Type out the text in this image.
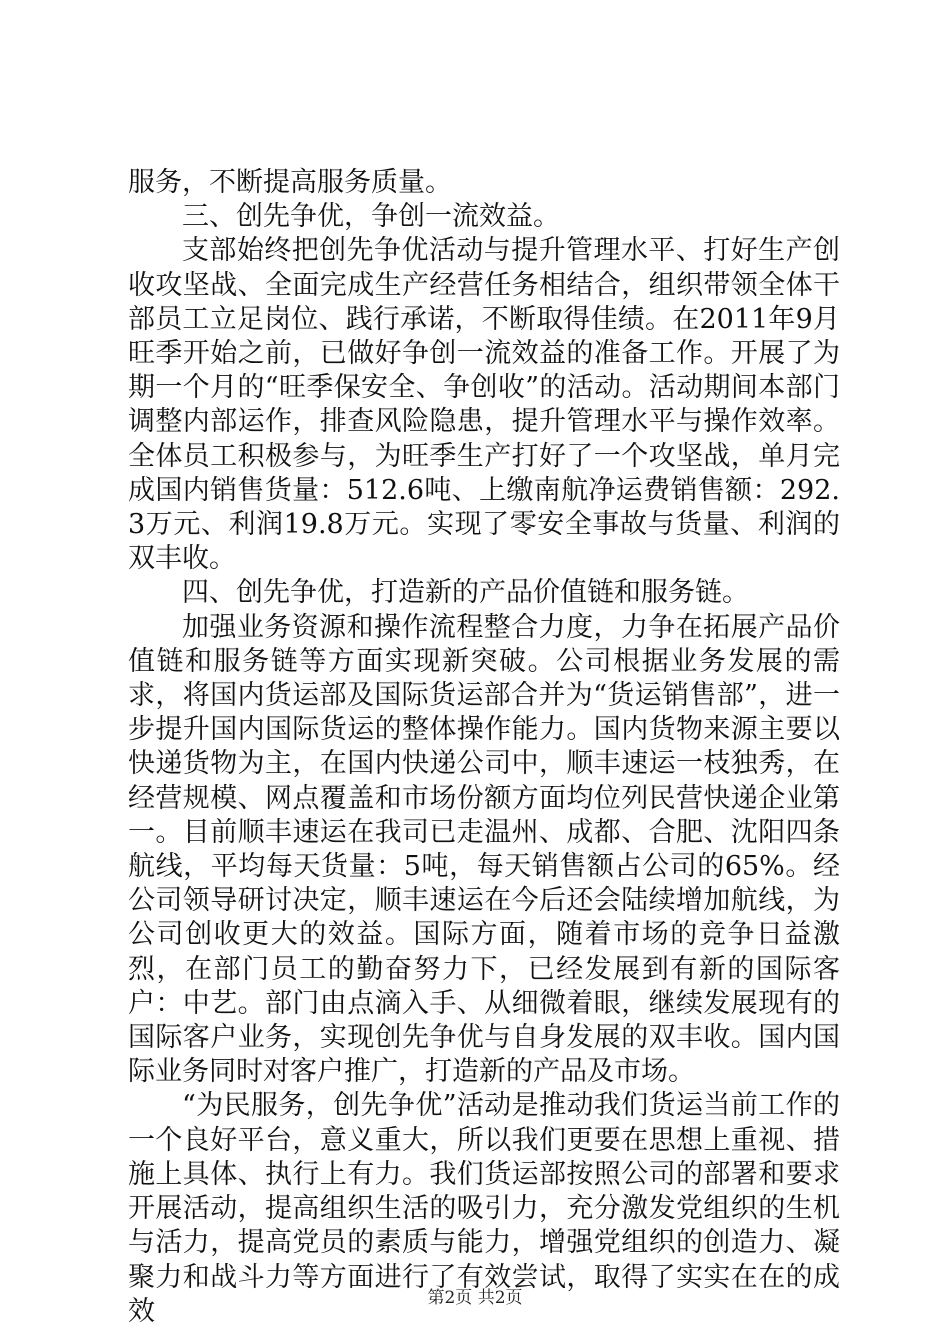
服务，不断提高服务质量。

三、创先争优，争创一流效益。

支部始终把创先争优活动与提升管理水平、打好生产创收攻坚战、全面完成生产经营任务相结合，组织带领全体干部员工立足岗位、践行承诺，不断取得佳绩。在2011年9月旺季开始之前，已做好争创一流效益的准备工作。开展了为期一个月的“旺季保安全、争创收”的活动。活动期间本部门调整内部运作，排查风险隐患，提升管理水平与操作效率。全体员工积极参与，为旺季生产打好了一个攻坚战，单月完成国内销售货量：512.6吨、上缴南航净运费销售额：292.3万元、利润19.8万元。实现了零安全事故与货量、利润的双丰收。

四、创先争优，打造新的产品价值链和服务链。

加强业务资源和操作流程整合力度，力争在拓展产品价值链和服务链等方面实现新突破。公司根据业务发展的需求，将国内货运部及国际货运部合并为“货运销售部”，进一步提升国内国际货运的整体操作能力。国内货物来源主要以快递货物为主，在国内快递公司中，顺丰速运一枝独秀，在经营规模、网点覆盖和市场份额方面均位列民营快递企业第一。目前顺丰速运在我司已走温州、成都、合肥、沈阳四条航线，平均每天货量：5吨，每天销售额占公司的65%。经公司领导研讨决定，顺丰速运在今后还会陆续增加航线，为公司创收更大的效益。国际方面，随着市场的竞争日益激烈，在部门员工的勤奋努力下，已经发展到有新的国际客户：中艺。部门由点滴入手、从细微着眼，继续发展现有的国际客户业务，实现创先争优与自身发展的双丰收。国内国际业务同时对客户推广，打造新的产品及市场。

“为民服务，创先争优”活动是推动我们货运当前工作的一个良好平台，意义重大，所以我们更要在思想上重视、措施上具体、执行上有力。我们货运部按照公司的部署和要求开展活动，提高组织生活的吸引力，充分激发党组织的生机与活力，提高党员的素质与能力，增强党组织的创造力、凝聚力和战斗力等方面进行了有效尝试，取得了实实在在的成效	第2页 共2页
